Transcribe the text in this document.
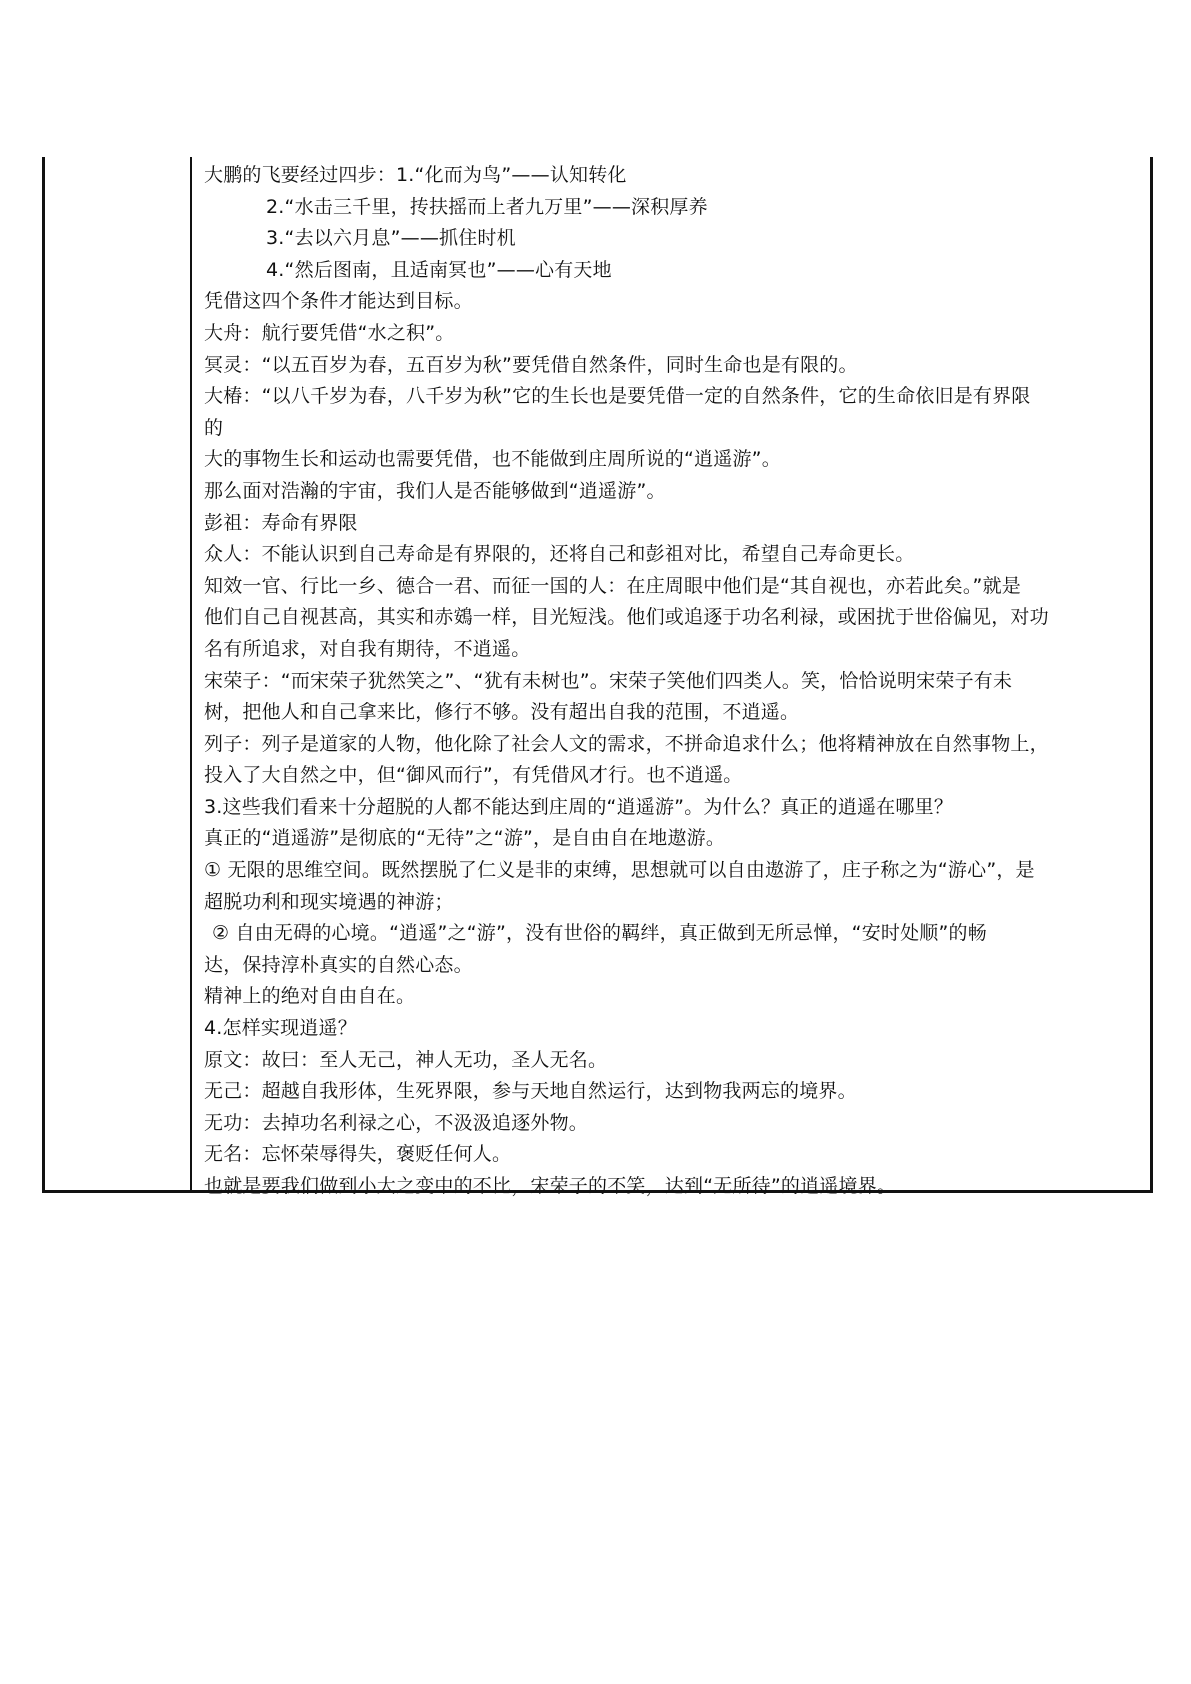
大鹏的飞要经过四步：1.“化而为鸟”——认知转化
2.“水击三千里，抟扶摇而上者九万里”——深积厚养
3.“去以六月息”——抓住时机
4.“然后图南，且适南冥也”——心有天地
凭借这四个条件才能达到目标。
大舟：航行要凭借“水之积”。
冥灵：“以五百岁为春，五百岁为秋”要凭借自然条件，同时生命也是有限的。
大椿：“以八千岁为春，八千岁为秋”它的生长也是要凭借一定的自然条件，它的生命依旧是有界限
的
大的事物生长和运动也需要凭借，也不能做到庄周所说的“逍遥游”。
那么面对浩瀚的宇宙，我们人是否能够做到“逍遥游”。
彭祖：寿命有界限
众人：不能认识到自己寿命是有界限的，还将自己和彭祖对比，希望自己寿命更长。
知效一官、行比一乡、德合一君、而征一国的人：在庄周眼中他们是“其自视也，亦若此矣。”就是
他们自己自视甚高，其实和赤鴳一样，目光短浅。他们或追逐于功名利禄，或困扰于世俗偏见，对功
名有所追求，对自我有期待，不逍遥。
宋荣子：“而宋荣子犹然笑之”、“犹有未树也”。宋荣子笑他们四类人。笑，恰恰说明宋荣子有未
树，把他人和自己拿来比，修行不够。没有超出自我的范围，不逍遥。
列子：列子是道家的人物，他化除了社会人文的需求，不拼命追求什么；他将精神放在自然事物上，
投入了大自然之中，但“御风而行”，有凭借风才行。也不逍遥。
3.这些我们看来十分超脱的人都不能达到庄周的“逍遥游”。为什么？真正的逍遥在哪里？
真正的“逍遥游”是彻底的“无待”之“游”，是自由自在地遨游。
① 无限的思维空间。既然摆脱了仁义是非的束缚，思想就可以自由遨游了，庄子称之为“游心”，是
超脱功利和现实境遇的神游；
② 自由无碍的心境。“逍遥”之“游”，没有世俗的羁绊，真正做到无所忌惮，“安时处顺”的畅
达，保持淳朴真实的自然心态。
精神上的绝对自由自在。
4.怎样实现逍遥？
原文：故曰：至人无己，神人无功，圣人无名。
无己：超越自我形体，生死界限，参与天地自然运行，达到物我两忘的境界。
无功：去掉功名利禄之心，不汲汲追逐外物。
无名：忘怀荣辱得失，褒贬任何人。
也就是要我们做到小大之变中的不比，宋荣子的不笑，达到“无所待”的逍遥境界。
